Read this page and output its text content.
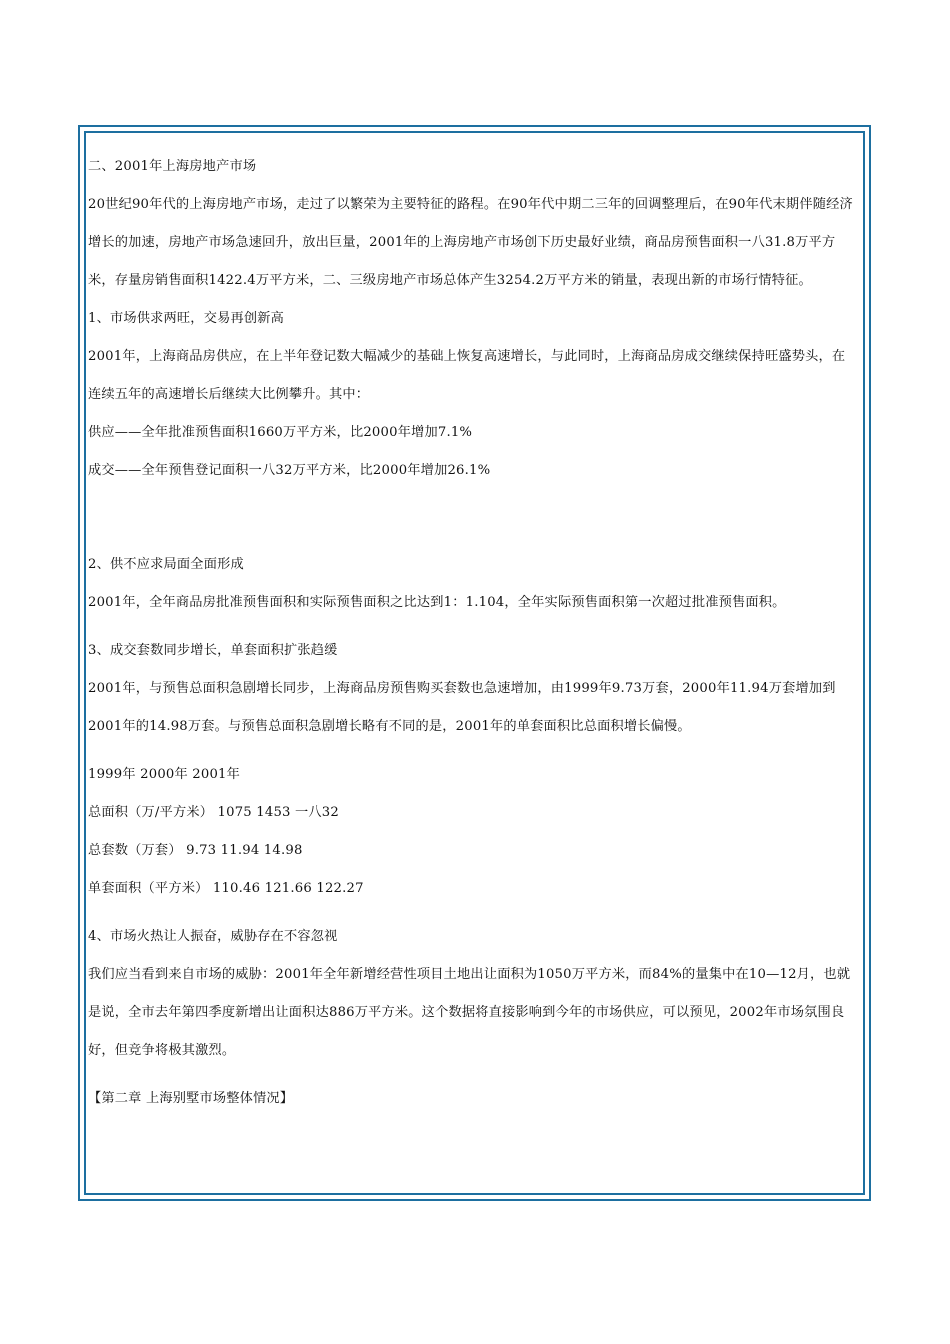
二、2001年上海房地产市场

20世纪90年代的上海房地产市场，走过了以繁荣为主要特征的路程。在90年代中期二三年的回调整理后，在90年代末期伴随经济增长的加速，房地产市场急速回升，放出巨量，2001年的上海房地产市场创下历史最好业绩，商品房预售面积一八31.8万平方米，存量房销售面积1422.4万平方米，二、三级房地产市场总体产生3254.2万平方米的销量，表现出新的市场行情特征。

1、市场供求两旺，交易再创新高

2001年，上海商品房供应，在上半年登记数大幅减少的基础上恢复高速增长，与此同时，上海商品房成交继续保持旺盛势头，在连续五年的高速增长后继续大比例攀升。其中：

供应——全年批准预售面积1660万平方米，比2000年增加7.1%

成交——全年预售登记面积一八32万平方米，比2000年增加26.1%

2、供不应求局面全面形成

2001年，全年商品房批准预售面积和实际预售面积之比达到1：1.104，全年实际预售面积第一次超过批准预售面积。

3、成交套数同步增长，单套面积扩张趋缓

2001年，与预售总面积急剧增长同步，上海商品房预售购买套数也急速增加，由1999年9.73万套，2000年11.94万套增加到2001年的14.98万套。与预售总面积急剧增长略有不同的是，2001年的单套面积比总面积增长偏慢。

1999年 2000年 2001年

总面积（万/平方米） 1075 1453 一八32

总套数（万套） 9.73 11.94 14.98

单套面积（平方米） 110.46 121.66 122.27

4、市场火热让人振奋，威胁存在不容忽视

我们应当看到来自市场的威胁：2001年全年新增经营性项目土地出让面积为1050万平方米，而84%的量集中在10—12月，也就是说，全市去年第四季度新增出让面积达886万平方米。这个数据将直接影响到今年的市场供应，可以预见，2002年市场氛围良好，但竞争将极其激烈。

【第二章 上海别墅市场整体情况】
